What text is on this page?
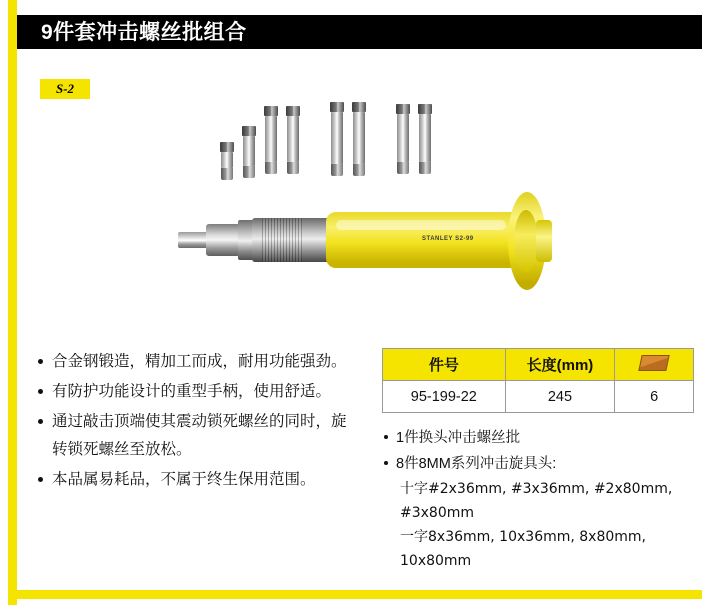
9件套冲击螺丝批组合
S-2
STANLEY S2-99
合金钢锻造，精加工而成，耐用功能强劲。
有防护功能设计的重型手柄，使用舒适。
通过敲击顶端使其震动锁死螺丝的同时，旋转锁死螺丝至放松。
本品属易耗品，不属于终生保用范围。
件号	长度(mm)	
95-199-22	245	6
1件换头冲击螺丝批
8件8MM系列冲击旋具头:
十字#2x36mm, #3x36mm, #2x80mm, #3x80mm
一字8x36mm, 10x36mm, 8x80mm, 10x80mm
